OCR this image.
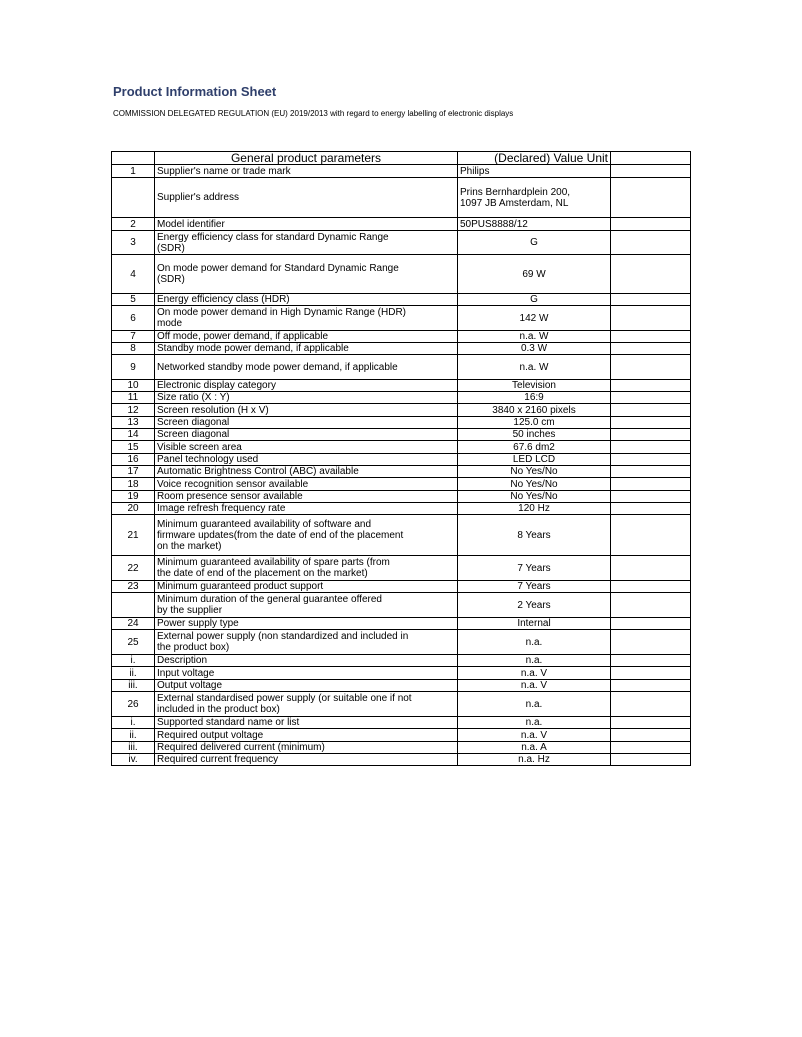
Product Information Sheet
COMMISSION DELEGATED REGULATION (EU) 2019/2013 with regard to energy labelling of electronic displays
	General product parameters	(Declared) Value Unit	
1	Supplier's name or trade mark	Philips	
	Supplier's address	Prins Bernhardplein 200,
1097 JB Amsterdam, NL	
2	Model identifier	50PUS8888/12	
3	Energy efficiency class for standard Dynamic Range
(SDR)	G	
4	On mode power demand for Standard Dynamic Range
(SDR)	69 W	
5	Energy efficiency class (HDR)	G	
6	On mode power demand in High Dynamic Range (HDR)
mode	142 W	
7	Off mode, power demand, if applicable	n.a. W	
8	Standby mode power demand, if applicable	0.3 W	
9	Networked standby mode power demand, if applicable	n.a. W	
10	Electronic display category	Television	
11	Size ratio (X : Y)	16:9	
12	Screen resolution (H x V)	3840 x 2160 pixels	
13	Screen diagonal	125.0 cm	
14	Screen diagonal	50 inches	
15	Visible screen area	67.6 dm2	
16	Panel technology used	LED LCD	
17	Automatic Brightness Control (ABC) available	No Yes/No	
18	Voice recognition sensor available	No Yes/No	
19	Room presence sensor available	No Yes/No	
20	Image refresh frequency rate	120 Hz	
21	Minimum guaranteed availability of software and
firmware updates(from the date of end of the placement
on the market)	8 Years	
22	Minimum guaranteed availability of spare parts (from
the date of end of the placement on the market)	7 Years	
23	Minimum guaranteed product support	7 Years	
	Minimum duration of the general guarantee offered
by the supplier	2 Years	
24	Power supply type	Internal	
25	External power supply (non standardized and included in
the product box)	n.a.	
i.	Description	n.a.	
ii.	Input voltage	n.a. V	
iii.	Output voltage	n.a. V	
26	External standardised power supply (or suitable one if not
included in the product box)	n.a.	
i.	Supported standard name or list	n.a.	
ii.	Required output voltage	n.a. V	
iii.	Required delivered current (minimum)	n.a. A	
iv.	Required current frequency	n.a. Hz	
